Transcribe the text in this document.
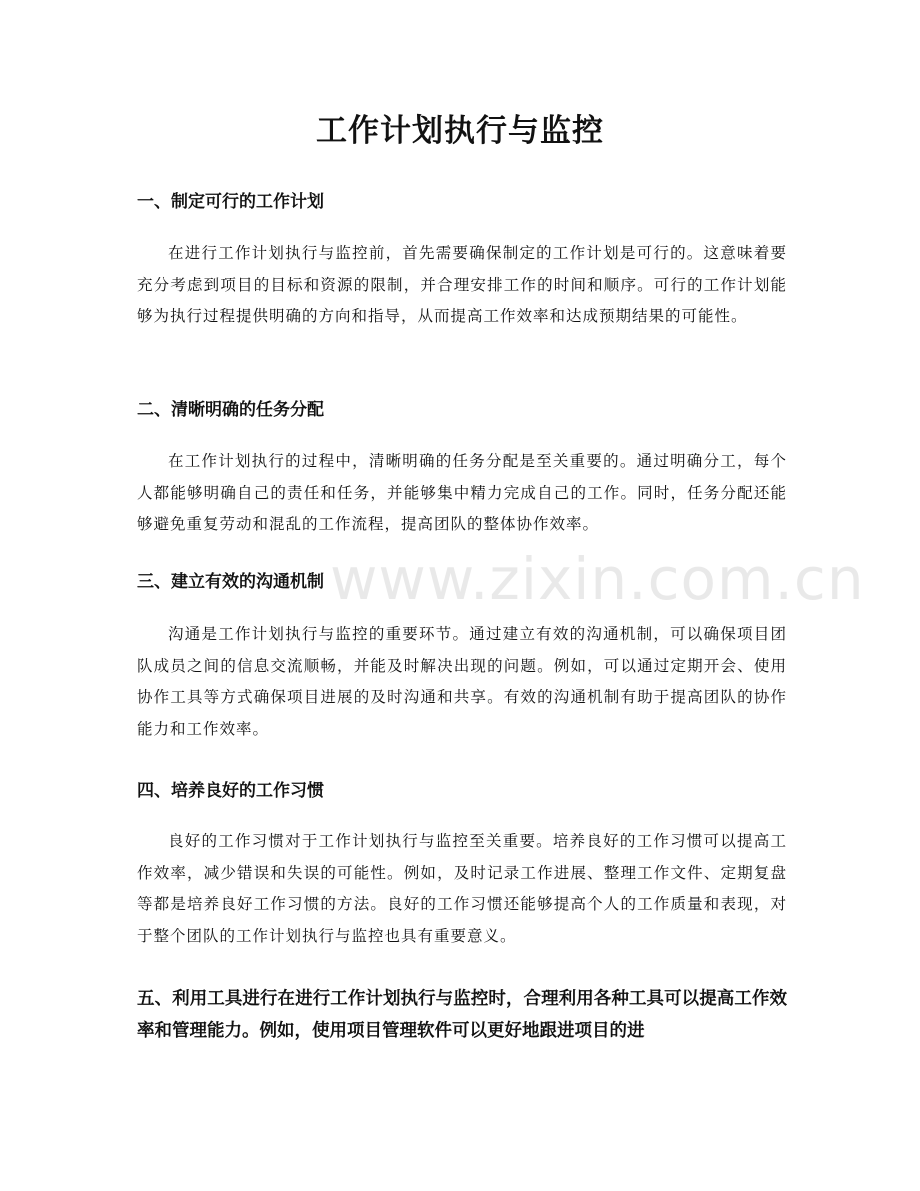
www.zixin.com.cn
工作计划执行与监控
一、制定可行的工作计划

在进行工作计划执行与监控前，首先需要确保制定的工作计划是可行的。这意味着要充分考虑到项目的目标和资源的限制，并合理安排工作的时间和顺序。可行的工作计划能够为执行过程提供明确的方向和指导，从而提高工作效率和达成预期结果的可能性。

二、清晰明确的任务分配

在工作计划执行的过程中，清晰明确的任务分配是至关重要的。通过明确分工，每个人都能够明确自己的责任和任务，并能够集中精力完成自己的工作。同时，任务分配还能够避免重复劳动和混乱的工作流程，提高团队的整体协作效率。

三、建立有效的沟通机制

沟通是工作计划执行与监控的重要环节。通过建立有效的沟通机制，可以确保项目团队成员之间的信息交流顺畅，并能及时解决出现的问题。例如，可以通过定期开会、使用协作工具等方式确保项目进展的及时沟通和共享。有效的沟通机制有助于提高团队的协作能力和工作效率。

四、培养良好的工作习惯

良好的工作习惯对于工作计划执行与监控至关重要。培养良好的工作习惯可以提高工作效率，减少错误和失误的可能性。例如，及时记录工作进展、整理工作文件、定期复盘等都是培养良好工作习惯的方法。良好的工作习惯还能够提高个人的工作质量和表现，对于整个团队的工作计划执行与监控也具有重要意义。

五、利用工具进行在进行工作计划执行与监控时，合理利用各种工具可以提高工作效率和管理能力。例如，使用项目管理软件可以更好地跟进项目的进
